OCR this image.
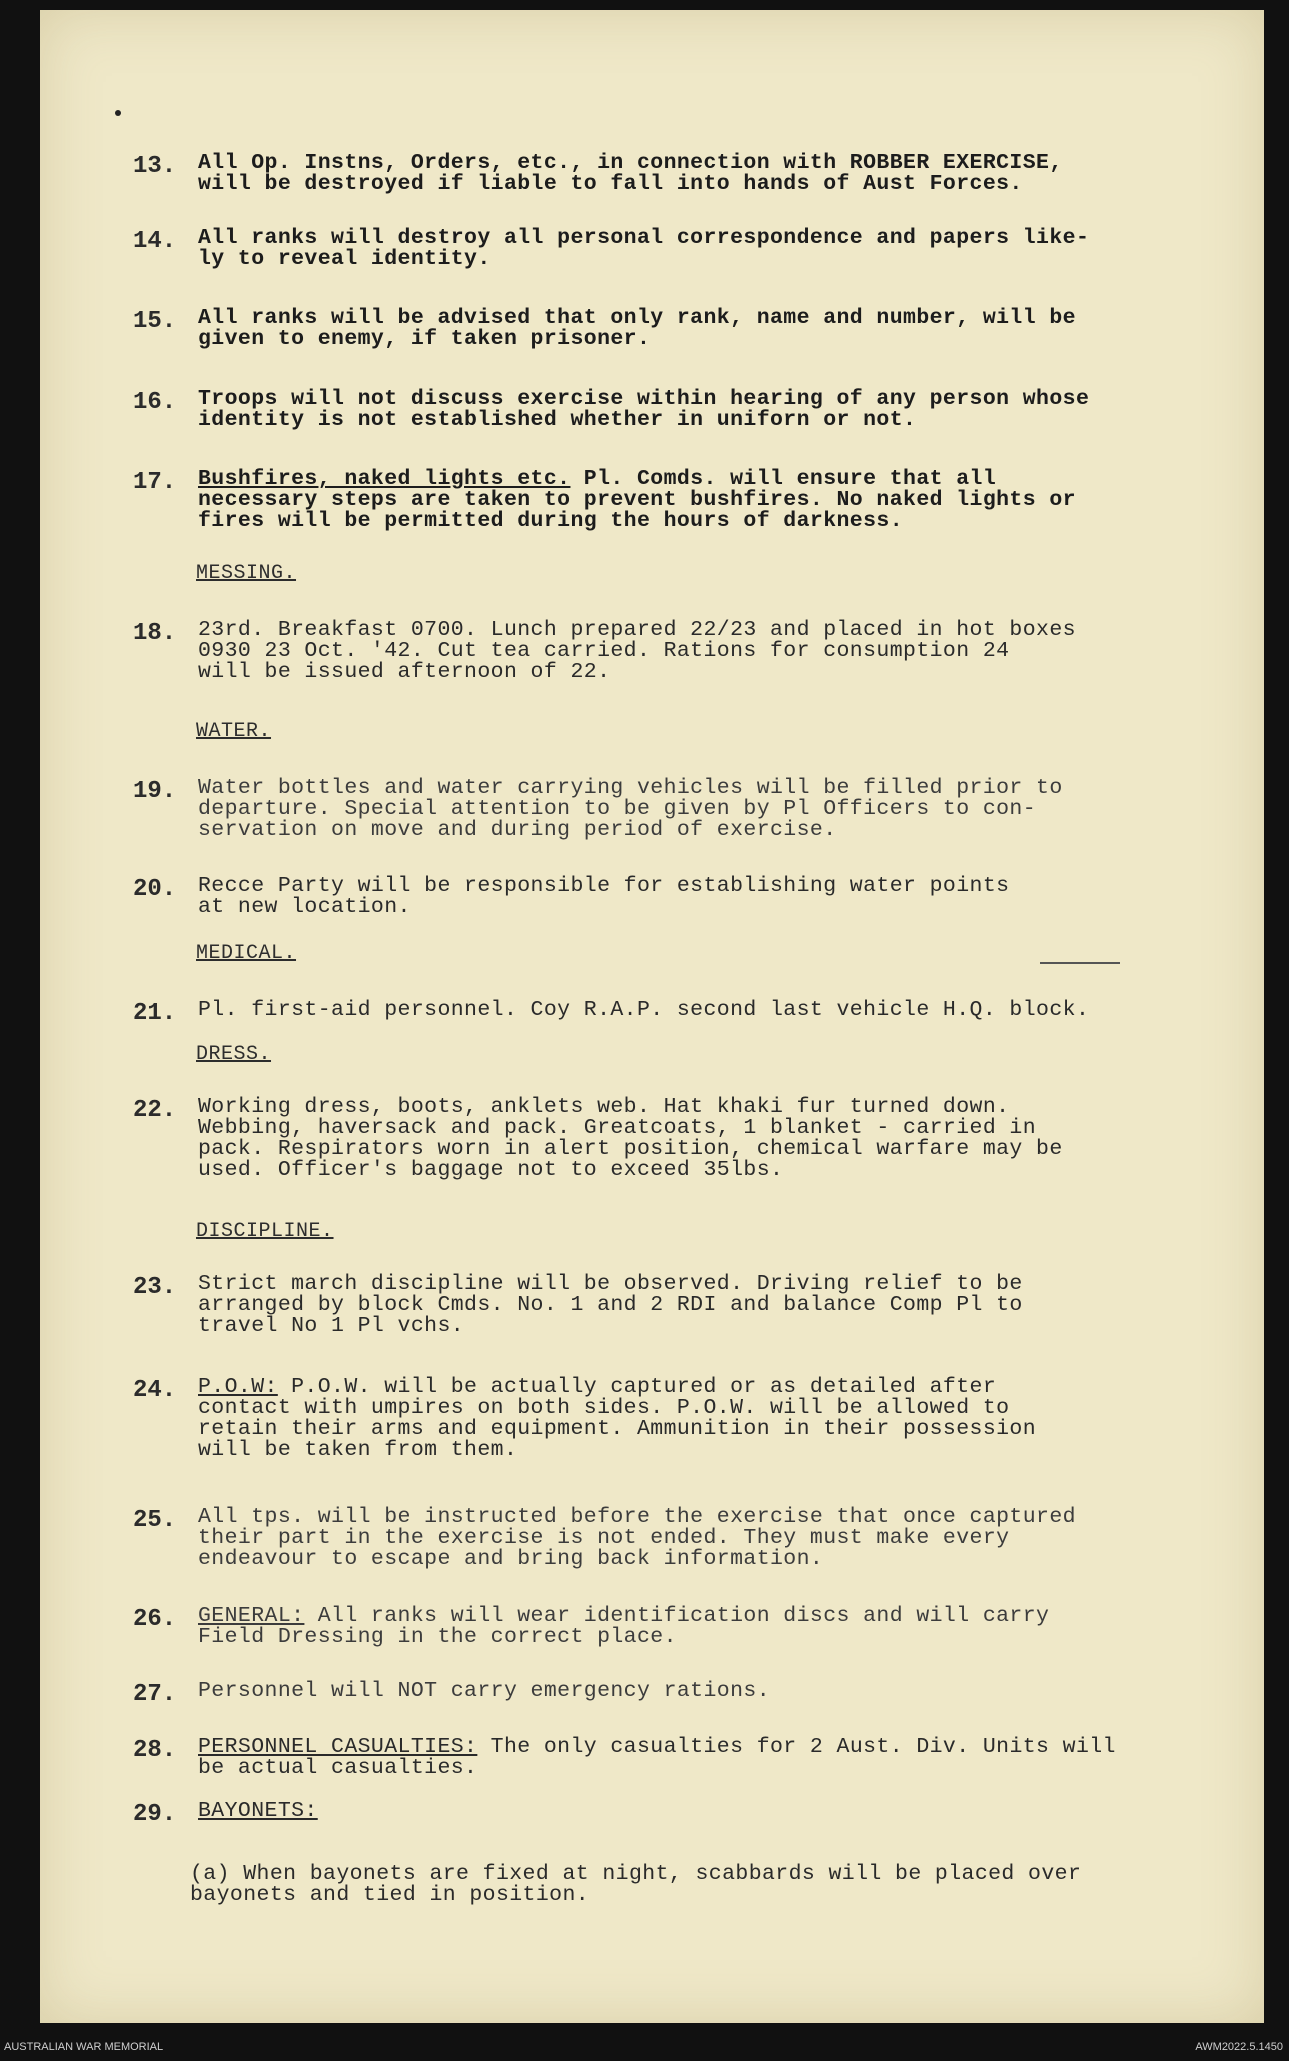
13. All Op. Instns, Orders, etc., in connection with ROBBER EXERCISE,
will be destroyed if liable to fall into hands of Aust Forces.
14. All ranks will destroy all personal correspondence and papers like-
ly to reveal identity.
15. All ranks will be advised that only rank, name and number, will be
given to enemy, if taken prisoner.
16. Troops will not discuss exercise within hearing of any person whose
identity is not established whether in uniforn or not.
17. Bushfires, naked lights etc. Pl. Comds. will ensure that all
necessary steps are taken to prevent bushfires. No naked lights or
fires will be permitted during the hours of darkness.
MESSING.
18. 23rd. Breakfast 0700. Lunch prepared 22/23 and placed in hot boxes
0930 23 Oct. '42. Cut tea carried. Rations for consumption 24
will be issued afternoon of 22.
WATER.
19. Water bottles and water carrying vehicles will be filled prior to
departure. Special attention to be given by Pl Officers to con-
servation on move and during period of exercise.
20. Recce Party will be responsible for establishing water points
at new location.
MEDICAL.
21. Pl. first-aid personnel. Coy R.A.P. second last vehicle H.Q. block.
DRESS.
22. Working dress, boots, anklets web. Hat khaki fur turned down.
Webbing, haversack and pack. Greatcoats, 1 blanket - carried in
pack. Respirators worn in alert position, chemical warfare may be
used. Officer's baggage not to exceed 35lbs.
DISCIPLINE.
23. Strict march discipline will be observed. Driving relief to be
arranged by block Cmds. No. 1 and 2 RDI and balance Comp Pl to
travel No 1 Pl vchs.
24. P.O.W: P.O.W. will be actually captured or as detailed after
contact with umpires on both sides. P.O.W. will be allowed to
retain their arms and equipment. Ammunition in their possession
will be taken from them.
25. All tps. will be instructed before the exercise that once captured
their part in the exercise is not ended. They must make every
endeavour to escape and bring back information.
26. GENERAL: All ranks will wear identification discs and will carry
Field Dressing in the correct place.
27. Personnel will NOT carry emergency rations.
28. PERSONNEL CASUALTIES: The only casualties for 2 Aust. Div. Units will
be actual casualties.
29. BAYONETS:
(a) When bayonets are fixed at night, scabbards will be placed over
bayonets and tied in position.
AUSTRALIAN WAR MEMORIAL	AWM2022.5.1450
